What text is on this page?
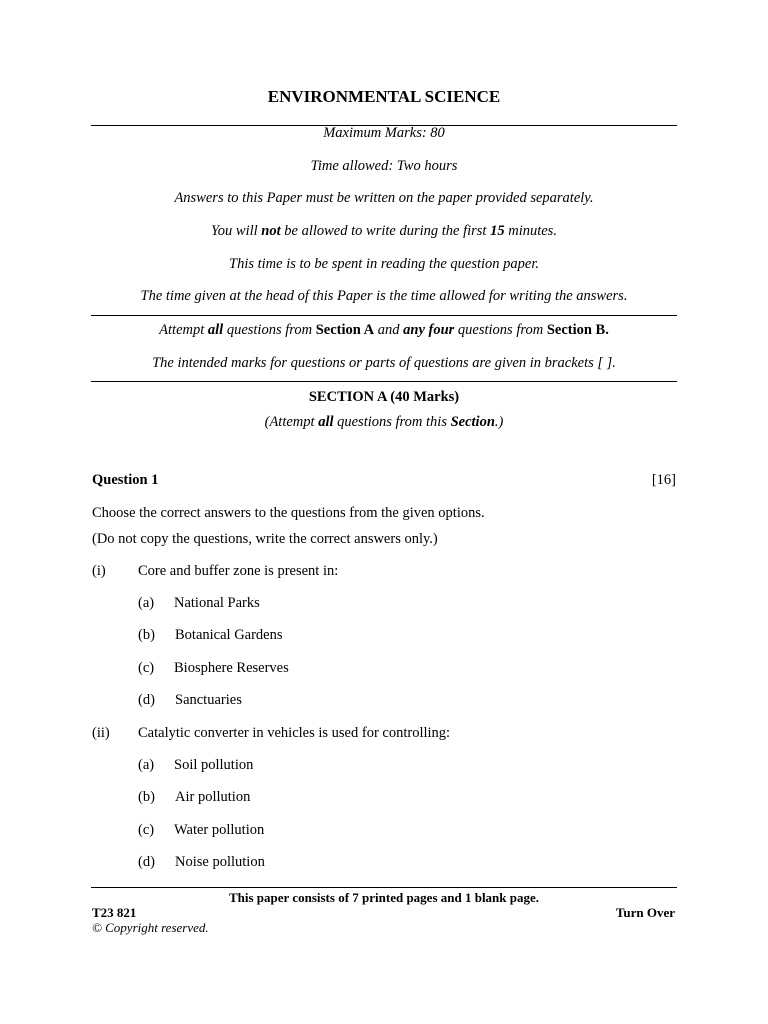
ENVIRONMENTAL SCIENCE
Maximum Marks: 80
Time allowed: Two hours
Answers to this Paper must be written on the paper provided separately.
You will not be allowed to write during the first 15 minutes.
This time is to be spent in reading the question paper.
The time given at the head of this Paper is the time allowed for writing the answers.
Attempt all questions from Section A and any four questions from Section B.
The intended marks for questions or parts of questions are given in brackets [ ].
SECTION A (40 Marks)
(Attempt all questions from this Section.)
Question 1	[16]
Choose the correct answers to the questions from the given options.
(Do not copy the questions, write the correct answers only.)
(i) Core and buffer zone is present in:
(a) National Parks
(b) Botanical Gardens
(c) Biosphere Reserves
(d) Sanctuaries
(ii) Catalytic converter in vehicles is used for controlling:
(a) Soil pollution
(b) Air pollution
(c) Water pollution
(d) Noise pollution
This paper consists of 7 printed pages and 1 blank page.
T23 821	Turn Over
© Copyright reserved.
